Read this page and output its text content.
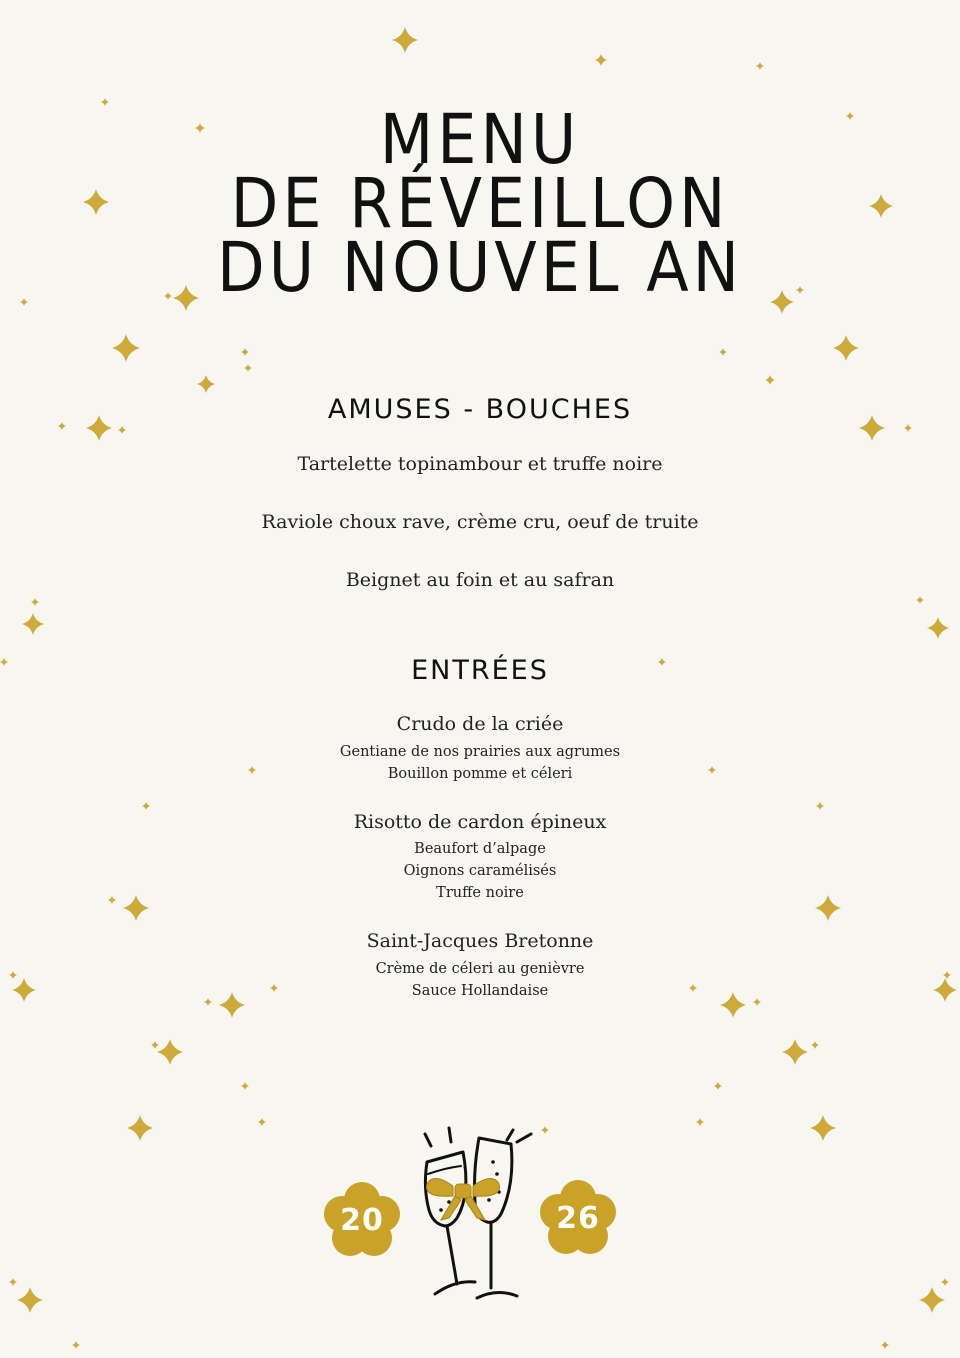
MENU
DE RÉVEILLON
DU NOUVEL AN
AMUSES - BOUCHES
Tartelette topinambour et truffe noire
Raviole choux rave, crème cru, oeuf de truite
Beignet au foin et au safran
ENTRÉES
Crudo de la criée
Gentiane de nos prairies aux agrumes
Bouillon pomme et céleri
Risotto de cardon épineux
Beaufort d’alpage
Oignons caramélisés
Truffe noire
Saint-Jacques Bretonne
Crème de céleri au genièvre
Sauce Hollandaise
20	26
